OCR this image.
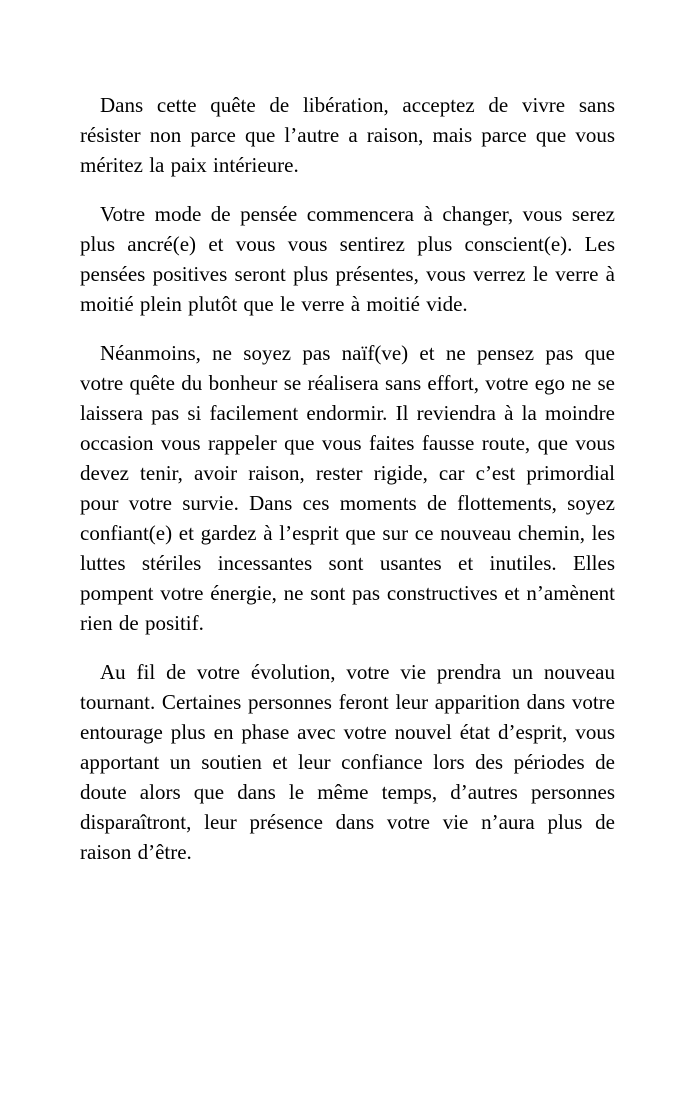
Dans cette quête de libération, acceptez de vivre sans résister non parce que l’autre a raison, mais parce que vous méritez la paix intérieure.

Votre mode de pensée commencera à changer, vous serez plus ancré(e) et vous vous sentirez plus conscient(e). Les pensées positives seront plus présentes, vous verrez le verre à moitié plein plutôt que le verre à moitié vide.

Néanmoins, ne soyez pas naïf(ve) et ne pensez pas que votre quête du bonheur se réalisera sans effort, votre ego ne se laissera pas si facilement endormir. Il reviendra à la moindre occasion vous rappeler que vous faites fausse route, que vous devez tenir, avoir raison, rester rigide, car c’est primordial pour votre survie. Dans ces moments de flottements, soyez confiant(e) et gardez à l’esprit que sur ce nouveau chemin, les luttes stériles incessantes sont usantes et inutiles. Elles pompent votre énergie, ne sont pas constructives et n’amènent rien de positif.

Au fil de votre évolution, votre vie prendra un nouveau tournant. Certaines personnes feront leur apparition dans votre entourage plus en phase avec votre nouvel état d’esprit, vous apportant un soutien et leur confiance lors des périodes de doute alors que dans le même temps, d’autres personnes disparaîtront, leur présence dans votre vie n’aura plus de raison d’être.
